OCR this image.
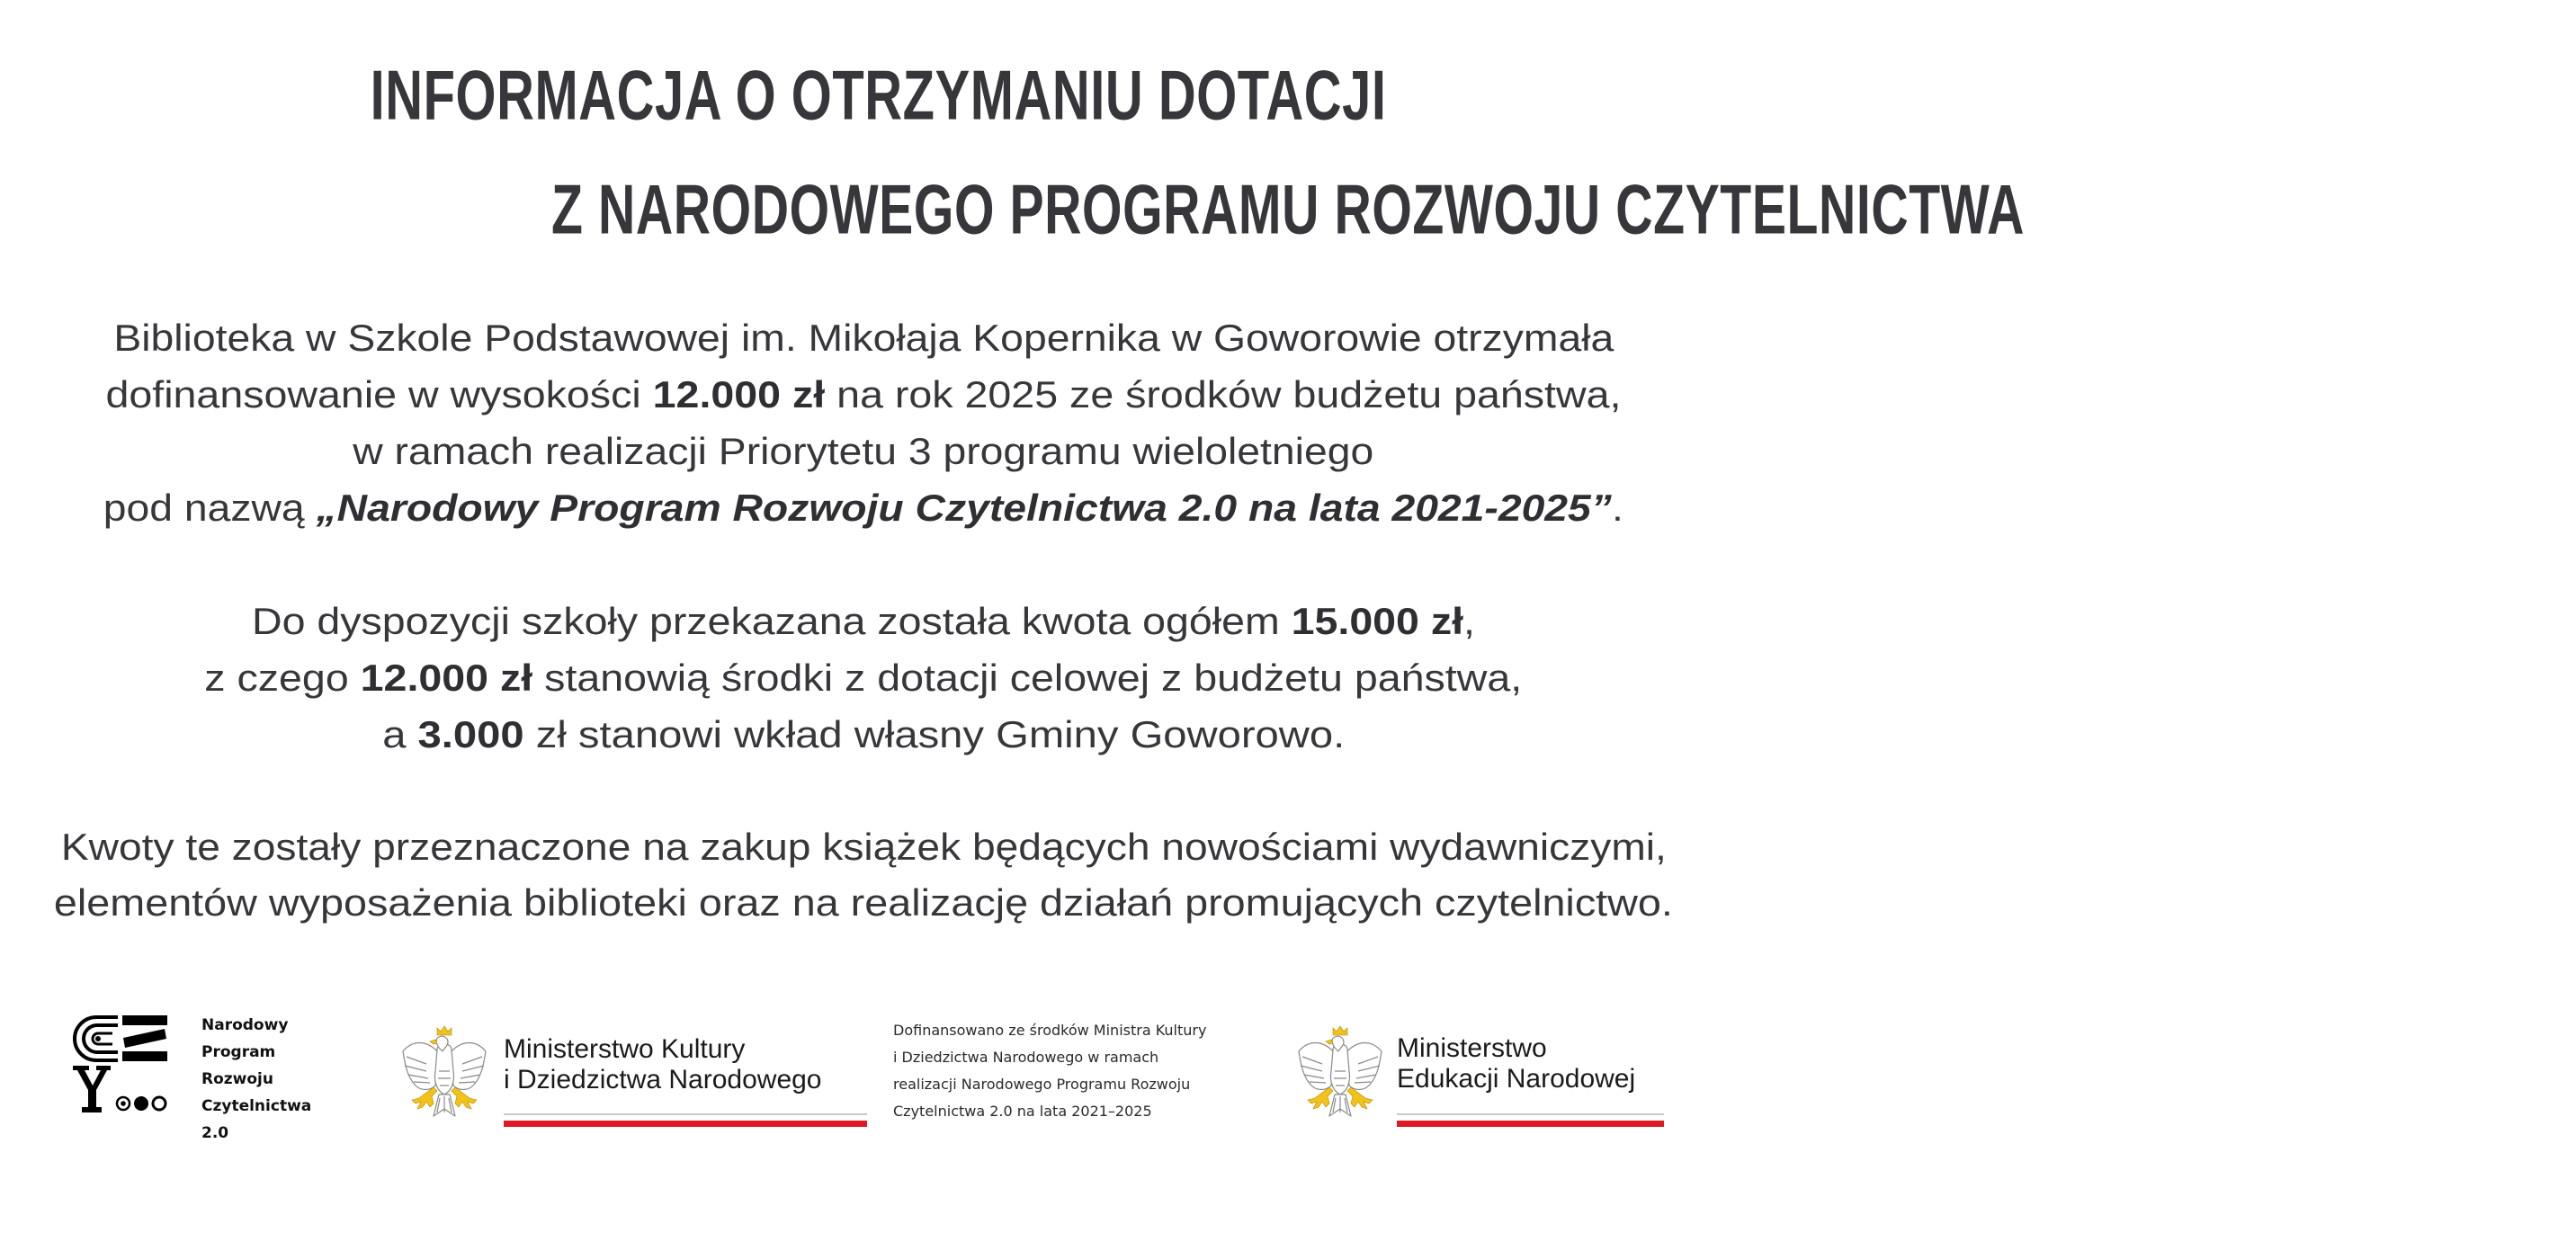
INFORMACJA O OTRZYMANIU DOTACJI
Z NARODOWEGO PROGRAMU ROZWOJU CZYTELNICTWA
Biblioteka w Szkole Podstawowej im. Mikołaja Kopernika w Goworowie otrzymała
dofinansowanie w wysokości 12.000 zł na rok 2025 ze środków budżetu państwa,
w ramach realizacji Priorytetu 3 programu wieloletniego
pod nazwą „Narodowy Program Rozwoju Czytelnictwa 2.0 na lata 2021-2025”.
Do dyspozycji szkoły przekazana została kwota ogółem 15.000 zł,
z czego 12.000 zł stanowią środki z dotacji celowej z budżetu państwa,
a 3.000 zł stanowi wkład własny Gminy Goworowo.
Kwoty te zostały przeznaczone na zakup książek będących nowościami wydawniczymi,
elementów wyposażenia biblioteki oraz na realizację działań promujących czytelnictwo.
Narodowy
Program
Rozwoju
Czytelnictwa
2.0
Ministerstwo Kultury
i Dziedzictwa Narodowego
Dofinansowano ze środków Ministra Kultury
i Dziedzictwa Narodowego w ramach
realizacji Narodowego Programu Rozwoju
Czytelnictwa 2.0 na lata 2021–2025
Ministerstwo
Edukacji Narodowej
